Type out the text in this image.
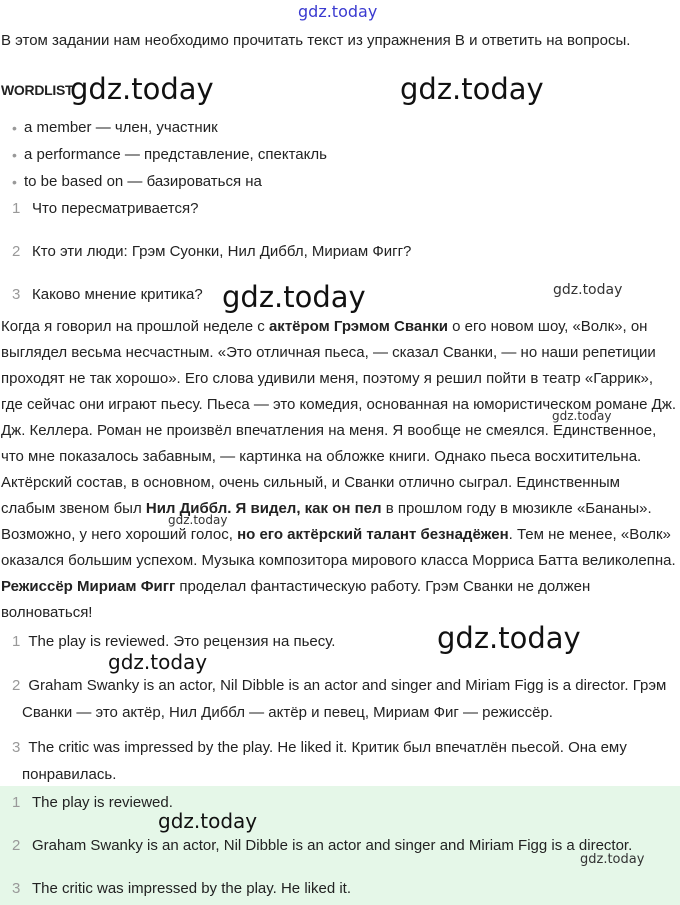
gdz.today
gdz.today	gdz.today
gdz.today	gdz.today
gdz.today
gdz.today
gdz.today
gdz.today
gdz.today
gdz.today
В этом задании нам необходимо прочитать текст из упражнения B и ответить на вопросы.
WORDLIST
• a member — член, участник
• a performance — представление, спектакль
• to be based on — базироваться на
1 Что пересматривается?
2 Кто эти люди: Грэм Суонки, Нил Диббл, Мириам Фигг?
3 Каково мнение критика?
Когда я говорил на прошлой неделе с актёром Грэмом Сванки о его новом шоу, «Волк», он выглядел весьма несчастным. «Это отличная пьеса, — сказал Сванки, — но наши репетиции проходят не так хорошо». Его слова удивили меня, поэтому я решил пойти в театр «Гаррик», где сейчас они играют пьесу. Пьеса — это комедия, основанная на юмористическом романе Дж. Дж. Келлера. Роман не произвёл впечатления на меня. Я вообще не смеялся. Единственное, что мне показалось забавным, — картинка на обложке книги. Однако пьеса восхитительна. Актёрский состав, в основном, очень сильный, и Сванки отлично сыграл. Единственным слабым звеном был Нил Диббл. Я видел, как он пел в прошлом году в мюзикле «Бананы». Возможно, у него хороший голос, но его актёрский талант безнадёжен. Тем не менее, «Волк» оказался большим успехом. Музыка композитора мирового класса Морриса Батта великолепна. Режиссёр Мириам Фигг проделал фантастическую работу. Грэм Сванки не должен волноваться!
1 The play is reviewed. Это рецензия на пьесу.
2 Graham Swanky is an actor, Nil Dibble is an actor and singer and Miriam Figg is a director. Грэм Сванки — это актёр, Нил Диббл — актёр и певец, Мириам Фиг — режиссёр.
3 The critic was impressed by the play. He liked it. Критик был впечатлён пьесой. Она ему понравилась.
1 The play is reviewed.
2 Graham Swanky is an actor, Nil Dibble is an actor and singer and Miriam Figg is a director.
3 The critic was impressed by the play. He liked it.
